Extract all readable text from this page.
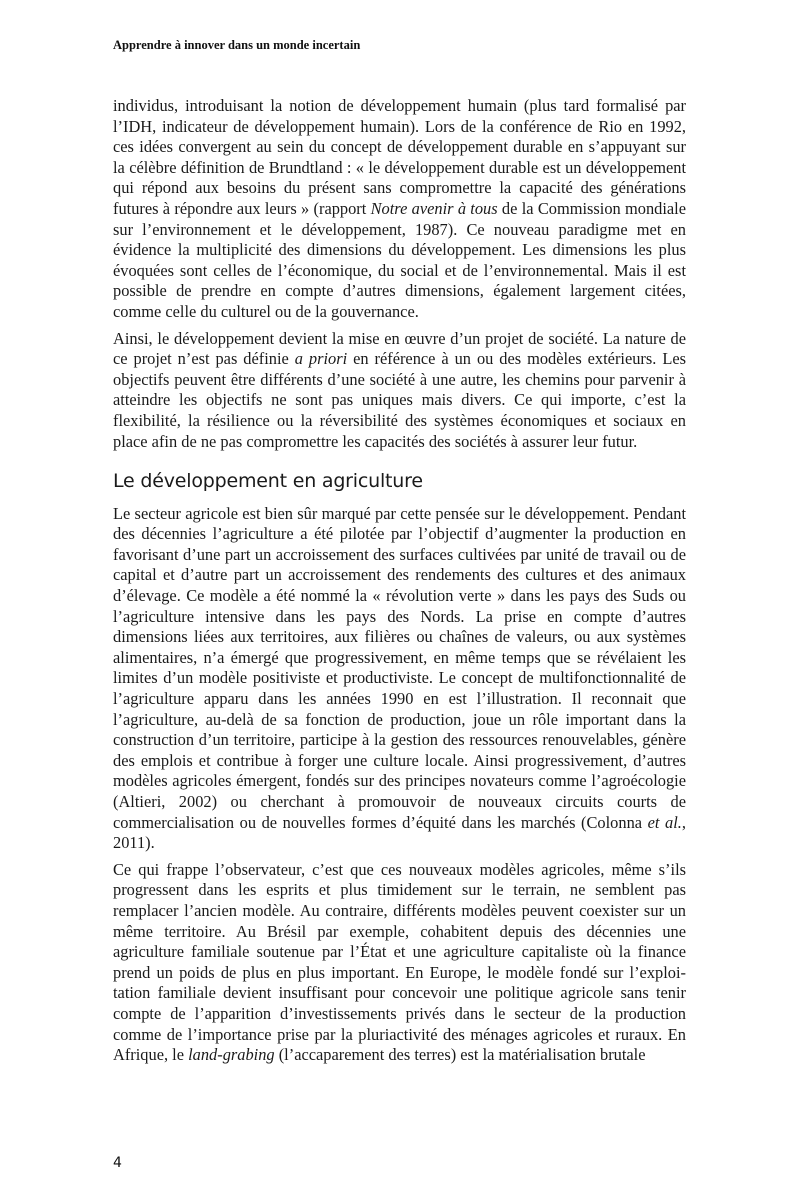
Apprendre à innover dans un monde incertain

individus, introduisant la notion de développement humain (plus tard formalisé par l’IDH, indicateur de développement humain). Lors de la conférence de Rio en 1992, ces idées convergent au sein du concept de développement durable en s’appuyant sur la célèbre définition de Brundtland : « le développement durable est un développement qui répond aux besoins du présent sans compromettre la capacité des générations futures à répondre aux leurs » (rapport Notre avenir à tous de la Commission mondiale sur l’environnement et le développement, 1987). Ce nouveau paradigme met en évidence la multiplicité des dimensions du développement. Les dimensions les plus évoquées sont celles de l’économique, du social et de l’environnemental. Mais il est possible de prendre en compte d’autres dimensions, également largement citées, comme celle du culturel ou de la gouvernance.

Ainsi, le développement devient la mise en œuvre d’un projet de société. La nature de ce projet n’est pas définie a priori en référence à un ou des modèles extérieurs. Les objectifs peuvent être différents d’une société à une autre, les chemins pour parvenir à atteindre les objectifs ne sont pas uniques mais divers. Ce qui importe, c’est la flexibilité, la résilience ou la réversibilité des systèmes économiques et sociaux en place afin de ne pas compromettre les capacités des sociétés à assurer leur futur.

Le développement en agriculture

Le secteur agricole est bien sûr marqué par cette pensée sur le développement. Pendant des décennies l’agriculture a été pilotée par l’objectif d’augmenter la production en favorisant d’une part un accroissement des surfaces cultivées par unité de travail ou de capital et d’autre part un accroissement des rendements des cultures et des animaux d’élevage. Ce modèle a été nommé la « révolution verte » dans les pays des Suds ou l’agriculture intensive dans les pays des Nords. La prise en compte d’autres dimensions liées aux territoires, aux filières ou chaînes de valeurs, ou aux systèmes alimentaires, n’a émergé que progressivement, en même temps que se révélaient les limites d’un modèle positiviste et productiviste. Le concept de multifonctionnalité de l’agriculture apparu dans les années 1990 en est l’illustration. Il reconnait que l’agriculture, au-delà de sa fonction de production, joue un rôle important dans la construction d’un territoire, participe à la gestion des ressources renouvelables, génère des emplois et contribue à forger une culture locale. Ainsi progressivement, d’autres modèles agricoles émergent, fondés sur des principes novateurs comme l’agroécologie (Altieri, 2002) ou cherchant à promouvoir de nouveaux circuits courts de commercialisation ou de nouvelles formes d’équité dans les marchés (Colonna et al., 2011).

Ce qui frappe l’observateur, c’est que ces nouveaux modèles agricoles, même s’ils progressent dans les esprits et plus timidement sur le terrain, ne semblent pas remplacer l’ancien modèle. Au contraire, différents modèles peuvent coexister sur un même territoire. Au Brésil par exemple, cohabitent depuis des décennies une agriculture familiale soutenue par l’État et une agriculture capitaliste où la finance prend un poids de plus en plus important. En Europe, le modèle fondé sur l’exploitation familiale devient insuffisant pour concevoir une politique agricole sans tenir compte de l’apparition d’investissements privés dans le secteur de la production comme de l’importance prise par la pluriactivité des ménages agricoles et ruraux. En Afrique, le land-grabing (l’accaparement des terres) est la matérialisation brutale

4
